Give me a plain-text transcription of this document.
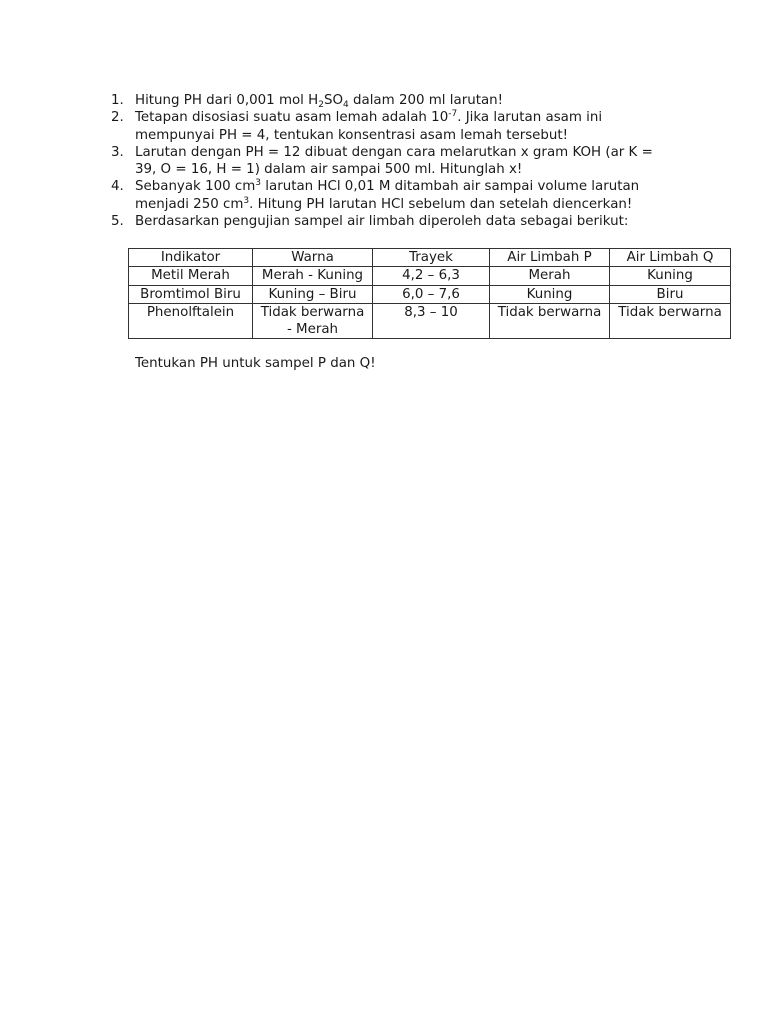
1. Hitung PH dari 0,001 mol $H_2SO_4$ dalam 200 ml larutan!
2. Tetapan disosiasi suatu asam lemah adalah $10^{-7}$. Jika larutan asam ini mempunyai PH = 4, tentukan konsentrasi asam lemah tersebut!
3. Larutan dengan PH = 12 dibuat dengan cara melarutkan x gram KOH (ar K = 39, O = 16, H = 1) dalam air sampai 500 ml. Hitunglah x!
4. Sebanyak 100 $cm^3$ larutan HCl 0,01 M ditambah air sampai volume larutan menjadi 250 $cm^3$. Hitung PH larutan HCl sebelum dan setelah diencerkan!
5. Berdasarkan pengujian sampel air limbah diperoleh data sebagai berikut:
Indikator	Warna	Trayek	Air Limbah P	Air Limbah Q
Metil Merah	Merah - Kuning	4,2 – 6,3	Merah	Kuning
Bromtimol Biru	Kuning – Biru	6,0 – 7,6	Kuning	Biru
Phenolftalein	Tidak berwarna - Merah	8,3 – 10	Tidak berwarna	Tidak berwarna

Tentukan PH untuk sampel P dan Q!
